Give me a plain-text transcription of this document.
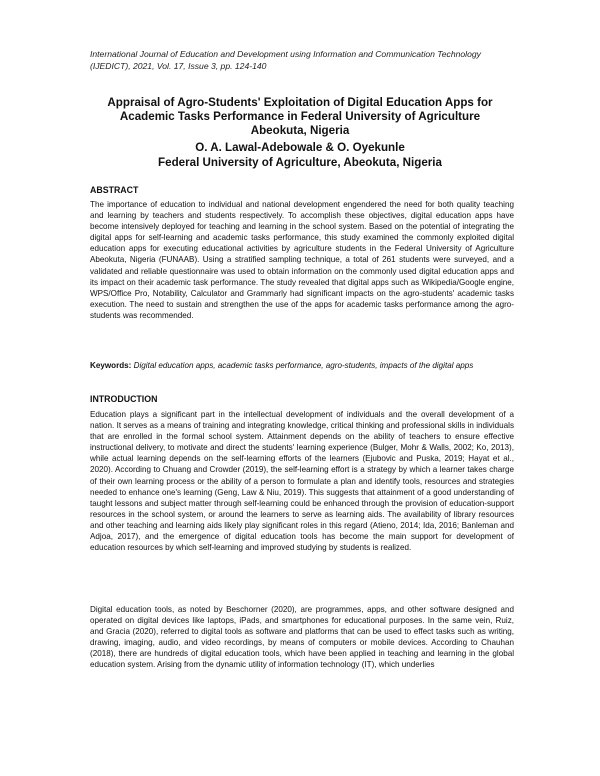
International Journal of Education and Development using Information and Communication Technology
(IJEDICT), 2021, Vol. 17, Issue 3, pp. 124-140
Appraisal of Agro-Students' Exploitation of Digital Education Apps for
Academic Tasks Performance in Federal University of Agriculture
Abeokuta, Nigeria
O. A. Lawal-Adebowale & O. Oyekunle
Federal University of Agriculture, Abeokuta, Nigeria
ABSTRACT
The importance of education to individual and national development engendered the need for both quality teaching and learning by teachers and students respectively. To accomplish these objectives, digital education apps have become intensively deployed for teaching and learning in the school system. Based on the potential of integrating the digital apps for self-learning and academic tasks performance, this study examined the commonly exploited digital education apps for executing educational activities by agriculture students in the Federal University of Agriculture Abeokuta, Nigeria (FUNAAB). Using a stratified sampling technique, a total of 261 students were surveyed, and a validated and reliable questionnaire was used to obtain information on the commonly used digital education apps and its impact on their academic task performance. The study revealed that digital apps such as Wikipedia/Google engine, WPS/Office Pro, Notability, Calculator and Grammarly had significant impacts on the agro-students' academic tasks execution. The need to sustain and strengthen the use of the apps for academic tasks performance among the agro-students was recommended.
Keywords: Digital education apps, academic tasks performance, agro-students, impacts of the digital apps
INTRODUCTION
Education plays a significant part in the intellectual development of individuals and the overall development of a nation. It serves as a means of training and integrating knowledge, critical thinking and professional skills in individuals that are enrolled in the formal school system. Attainment depends on the ability of teachers to ensure effective instructional delivery, to motivate and direct the students' learning experience (Bulger, Mohr & Walls, 2002; Ko, 2013), while actual learning depends on the self-learning efforts of the learners (Ejubovic and Puska, 2019; Hayat et al., 2020). According to Chuang and Crowder (2019), the self-learning effort is a strategy by which a learner takes charge of their own learning process or the ability of a person to formulate a plan and identify tools, resources and strategies needed to enhance one's learning (Geng, Law & Niu, 2019). This suggests that attainment of a good understanding of taught lessons and subject matter through self-learning could be enhanced through the provision of education-support resources in the school system, or around the learners to serve as learning aids. The availability of library resources and other teaching and learning aids likely play significant roles in this regard (Atieno, 2014; Ida, 2016; Banleman and Adjoa, 2017), and the emergence of digital education tools has become the main support for development of education resources by which self-learning and improved studying by students is realized.
Digital education tools, as noted by Beschorner (2020), are programmes, apps, and other software designed and operated on digital devices like laptops, iPads, and smartphones for educational purposes. In the same vein, Ruiz, and Gracia (2020), referred to digital tools as software and platforms that can be used to effect tasks such as writing, drawing, imaging, audio, and video recordings, by means of computers or mobile devices. According to Chauhan (2018), there are hundreds of digital education tools, which have been applied in teaching and learning in the global education system. Arising from the dynamic utility of information technology (IT), which underlies
